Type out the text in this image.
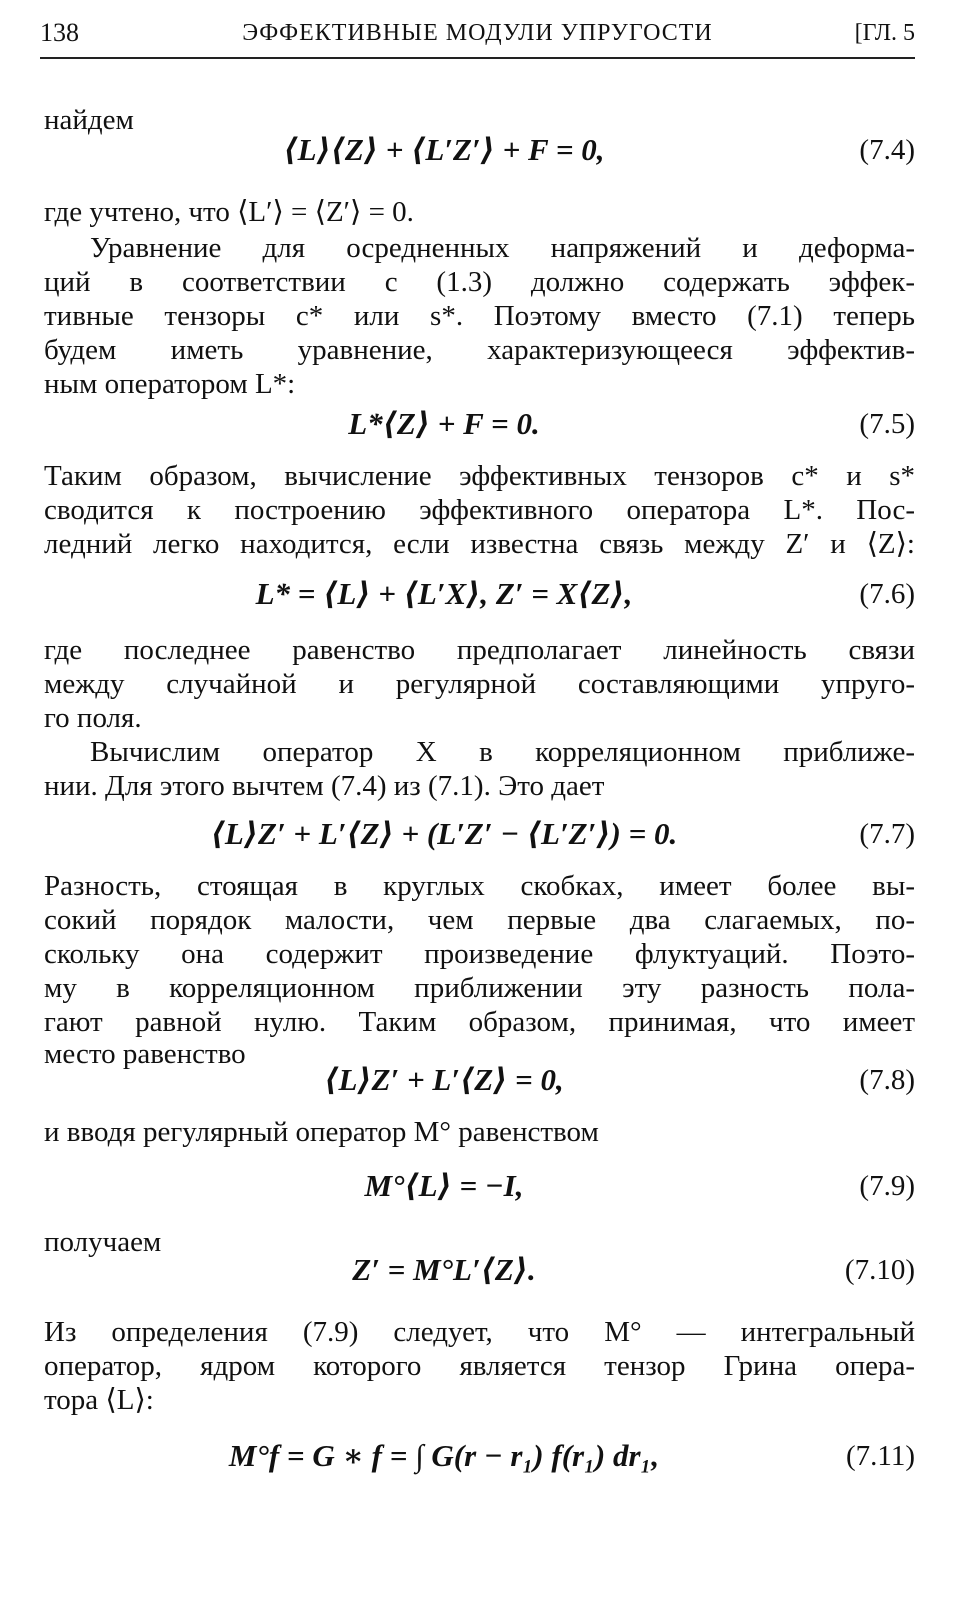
138	ЭФФЕКТИВНЫЕ МОДУЛИ УПРУГОСТИ	[ГЛ. 5
найдем
⟨L⟩⟨Z⟩ + ⟨L′Z′⟩ + F = 0,	(7.4)
где учтено, что ⟨L′⟩ = ⟨Z′⟩ = 0.
Уравнение для осредненных напряжений и деформа-
ций в соответствии с (1.3) должно содержать эффек-
тивные тензоры c* или s*. Поэтому вместо (7.1) теперь
будем иметь уравнение, характеризующееся эффектив-
ным оператором L*:
L*⟨Z⟩ + F = 0.	(7.5)
Таким образом, вычисление эффективных тензоров c* и s*
сводится к построению эффективного оператора L*. Пос-
ледний легко находится, если известна связь между Z′ и ⟨Z⟩:
L* = ⟨L⟩ + ⟨L′X⟩, Z′ = X⟨Z⟩,	(7.6)
где последнее равенство предполагает линейность связи
между случайной и регулярной составляющими упруго-
го поля.
Вычислим оператор X в корреляционном приближе-
нии. Для этого вычтем (7.4) из (7.1). Это дает
⟨L⟩Z′ + L′⟨Z⟩ + (L′Z′ − ⟨L′Z′⟩) = 0.	(7.7)
Разность, стоящая в круглых скобках, имеет более вы-
сокий порядок малости, чем первые два слагаемых, по-
скольку она содержит произведение флуктуаций. Поэто-
му в корреляционном приближении эту разность пола-
гают равной нулю. Таким образом, принимая, что имеет
место равенство
⟨L⟩Z′ + L′⟨Z⟩ = 0,	(7.8)
и вводя регулярный оператор M° равенством
M°⟨L⟩ = −I,	(7.9)
получаем
Z′ = M°L′⟨Z⟩.	(7.10)
Из определения (7.9) следует, что M° — интегральный
оператор, ядром которого является тензор Грина опера-
тора ⟨L⟩:
M°f = G ∗ f = ∫ G(r − r₁) f(r₁) dr₁,	(7.11)
